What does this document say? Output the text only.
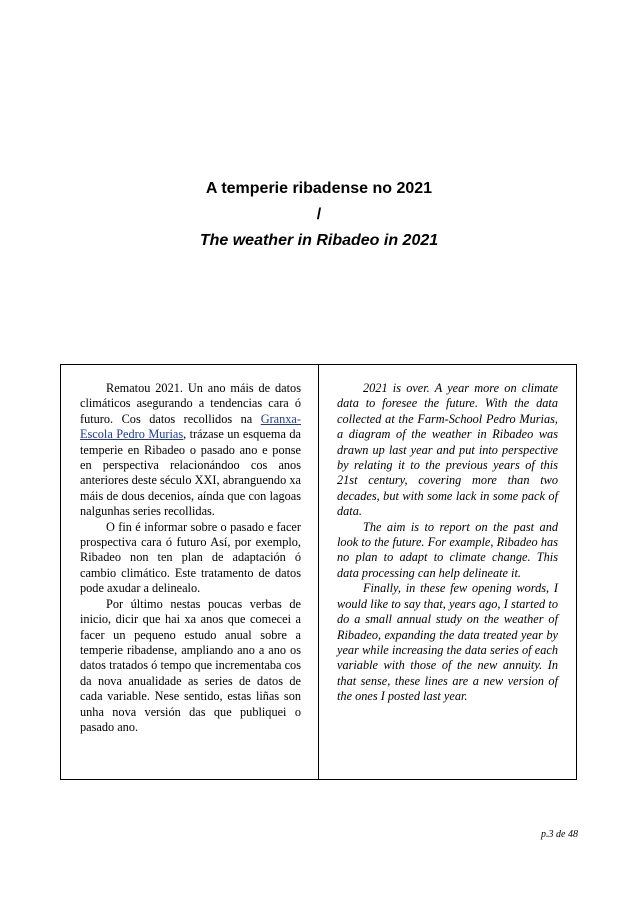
A temperie ribadense no 2021
/
The weather in Ribadeo in 2021

Rematou 2021. Un ano máis de datos climáticos asegurando a tendencias cara ó futuro. Cos datos recollidos na Granxa-Escola Pedro Murias, trázase un esquema da temperie en Ribadeo o pasado ano e ponse en perspectiva relacionándoo cos anos anteriores deste século XXI, abranguendo xa máis de dous decenios, aínda que con lagoas nalgunhas series recollidas.

O fin é informar sobre o pasado e facer prospectiva cara ó futuro Así, por exemplo, Ribadeo non ten plan de adaptación ó cambio climático. Este tratamento de datos pode axudar a delinealo.

Por último nestas poucas verbas de inicio, dicir que hai xa anos que comecei a facer un pequeno estudo anual sobre a temperie ribadense, ampliando ano a ano os datos tratados ó tempo que incrementaba cos da nova anualidade as series de datos de cada variable. Nese sentido, estas liñas son unha nova versión das que publiquei o pasado ano.

2021 is over. A year more on climate data to foresee the future. With the data collected at the Farm-School Pedro Murias, a diagram of the weather in Ribadeo was drawn up last year and put into perspective by relating it to the previous years of this 21st century, covering more than two decades, but with some lack in some pack of data.

The aim is to report on the past and look to the future. For example, Ribadeo has no plan to adapt to climate change. This data processing can help delineate it.

Finally, in these few opening words, I would like to say that, years ago, I started to do a small annual study on the weather of Ribadeo, expanding the data treated year by year while increasing the data series of each variable with those of the new annuity. In that sense, these lines are a new version of the ones I posted last year.

p.3 de 48
